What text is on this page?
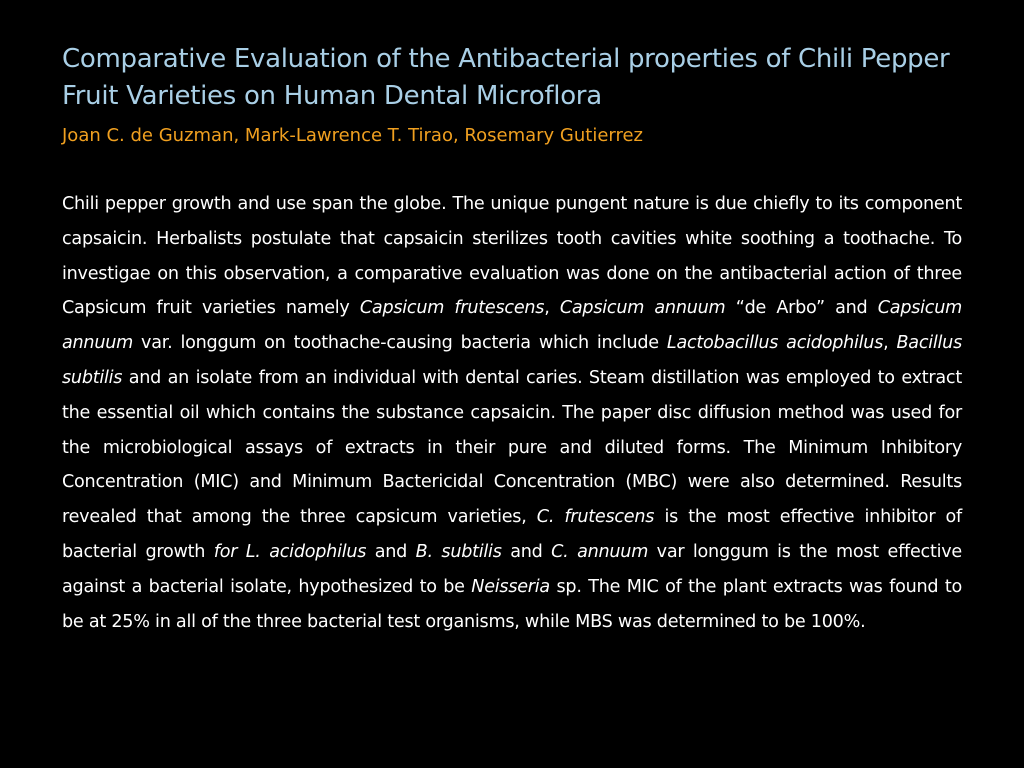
Comparative Evaluation of the Antibacterial properties of Chili Pepper Fruit Varieties on Human Dental Microflora
Joan C. de Guzman, Mark-Lawrence T. Tirao, Rosemary Gutierrez
Chili pepper growth and use span the globe. The unique pungent nature is due chiefly to its component capsaicin. Herbalists postulate that capsaicin sterilizes tooth cavities white soothing a toothache. To investigae on this observation, a comparative evaluation was done on the antibacterial action of three Capsicum fruit varieties namely Capsicum frutescens, Capsicum annuum “de Arbo” and Capsicum annuum var. longgum on toothache-causing bacteria which include Lactobacillus acidophilus, Bacillus subtilis and an isolate from an individual with dental caries. Steam distillation was employed to extract the essential oil which contains the substance capsaicin. The paper disc diffusion method was used for the microbiological assays of extracts in their pure and diluted forms. The Minimum Inhibitory Concentration (MIC) and Minimum Bactericidal Concentration (MBC) were also determined. Results revealed that among the three capsicum varieties, C. frutescens is the most effective inhibitor of bacterial growth for L. acidophilus and B. subtilis and C. annuum var longgum is the most effective against a bacterial isolate, hypothesized to be Neisseria sp. The MIC of the plant extracts was found to be at 25% in all of the three bacterial test organisms, while MBS was determined to be 100%.
